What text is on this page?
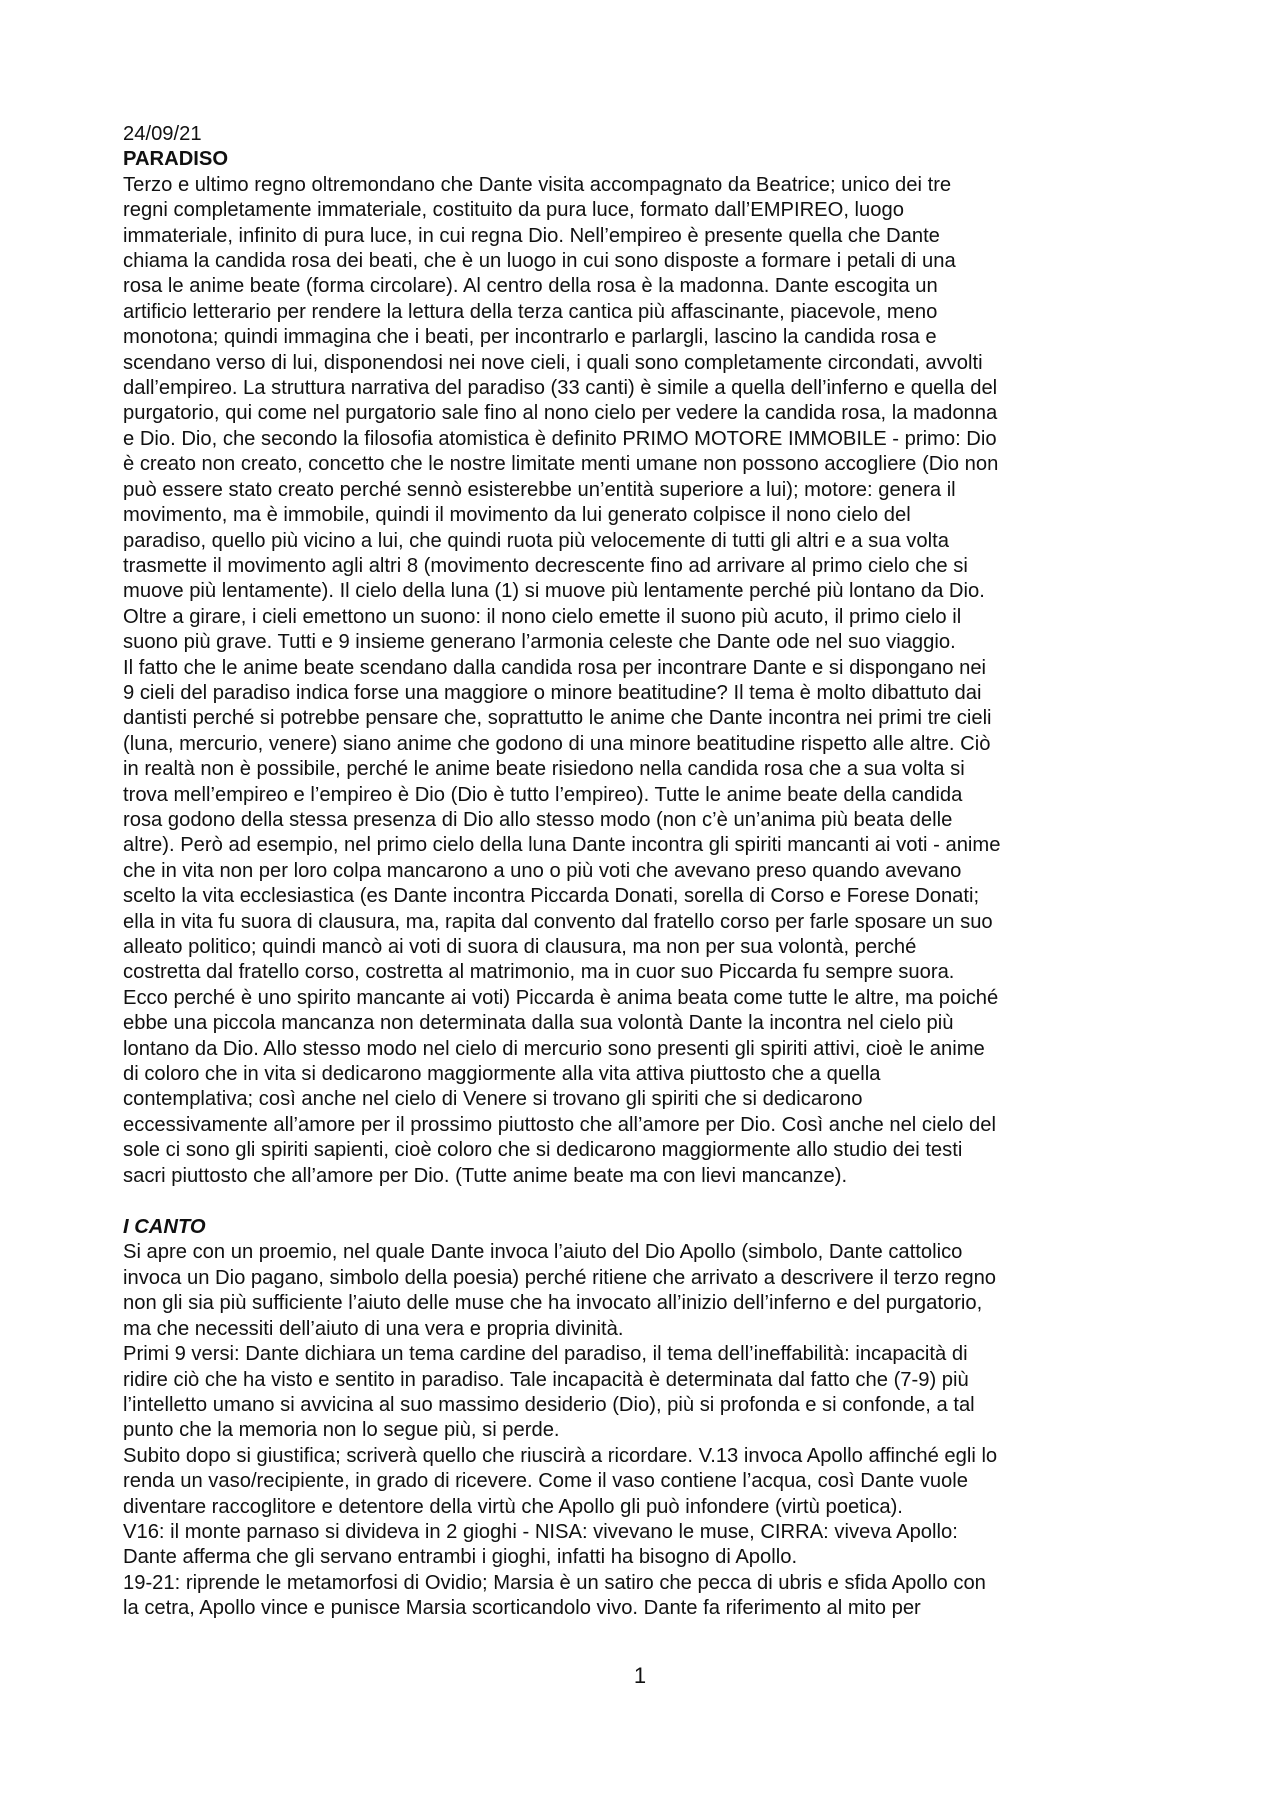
24/09/21

PARADISO

Terzo e ultimo regno oltremondano che Dante visita accompagnato da Beatrice; unico dei tre

regni completamente immateriale, costituito da pura luce, formato dall’EMPIREO, luogo

immateriale, infinito di pura luce, in cui regna Dio. Nell’empireo è presente quella che Dante

chiama la candida rosa dei beati, che è un luogo in cui sono disposte a formare i petali di una

rosa le anime beate (forma circolare). Al centro della rosa è la madonna. Dante escogita un

artificio letterario per rendere la lettura della terza cantica più affascinante, piacevole, meno

monotona; quindi immagina che i beati, per incontrarlo e parlargli, lascino la candida rosa e

scendano verso di lui, disponendosi nei nove cieli, i quali sono completamente circondati, avvolti

dall’empireo. La struttura narrativa del paradiso (33 canti) è simile a quella dell’inferno e quella del

purgatorio, qui come nel purgatorio sale fino al nono cielo per vedere la candida rosa, la madonna

e Dio. Dio, che secondo la filosofia atomistica è definito PRIMO MOTORE IMMOBILE - primo: Dio

è creato non creato, concetto che le nostre limitate menti umane non possono accogliere (Dio non

può essere stato creato perché sennò esisterebbe un’entità superiore a lui); motore: genera il

movimento, ma è immobile, quindi il movimento da lui generato colpisce il nono cielo del

paradiso, quello più vicino a lui, che quindi ruota più velocemente di tutti gli altri e a sua volta

trasmette il movimento agli altri 8 (movimento decrescente fino ad arrivare al primo cielo che si

muove più lentamente). Il cielo della luna (1) si muove più lentamente perché più lontano da Dio.

Oltre a girare, i cieli emettono un suono: il nono cielo emette il suono più acuto, il primo cielo il

suono più grave. Tutti e 9 insieme generano l’armonia celeste che Dante ode nel suo viaggio.

Il fatto che le anime beate scendano dalla candida rosa per incontrare Dante e si dispongano nei

9 cieli del paradiso indica forse una maggiore o minore beatitudine? Il tema è molto dibattuto dai

dantisti perché si potrebbe pensare che, soprattutto le anime che Dante incontra nei primi tre cieli

(luna, mercurio, venere) siano anime che godono di una minore beatitudine rispetto alle altre. Ciò

in realtà non è possibile, perché le anime beate risiedono nella candida rosa che a sua volta si

trova mell’empireo e l’empireo è Dio (Dio è tutto l’empireo). Tutte le anime beate della candida

rosa godono della stessa presenza di Dio allo stesso modo (non c’è un’anima più beata delle

altre). Però ad esempio, nel primo cielo della luna Dante incontra gli spiriti mancanti ai voti - anime

che in vita non per loro colpa mancarono a uno o più voti che avevano preso quando avevano

scelto la vita ecclesiastica (es Dante incontra Piccarda Donati, sorella di Corso e Forese Donati;

ella in vita fu suora di clausura, ma, rapita dal convento dal fratello corso per farle sposare un suo

alleato politico; quindi mancò ai voti di suora di clausura, ma non per sua volontà, perché

costretta dal fratello corso, costretta al matrimonio, ma in cuor suo Piccarda fu sempre suora.

Ecco perché è uno spirito mancante ai voti) Piccarda è anima beata come tutte le altre, ma poiché

ebbe una piccola mancanza non determinata dalla sua volontà Dante la incontra nel cielo più

lontano da Dio. Allo stesso modo nel cielo di mercurio sono presenti gli spiriti attivi, cioè le anime

di coloro che in vita si dedicarono maggiormente alla vita attiva piuttosto che a quella

contemplativa; così anche nel cielo di Venere si trovano gli spiriti che si dedicarono

eccessivamente all’amore per il prossimo piuttosto che all’amore per Dio. Così anche nel cielo del

sole ci sono gli spiriti sapienti, cioè coloro che si dedicarono maggiormente allo studio dei testi

sacri piuttosto che all’amore per Dio. (Tutte anime beate ma con lievi mancanze).

I CANTO

Si apre con un proemio, nel quale Dante invoca l’aiuto del Dio Apollo (simbolo, Dante cattolico

invoca un Dio pagano, simbolo della poesia) perché ritiene che arrivato a descrivere il terzo regno

non gli sia più sufficiente l’aiuto delle muse che ha invocato all’inizio dell’inferno e del purgatorio,

ma che necessiti dell’aiuto di una vera e propria divinità.

Primi 9 versi: Dante dichiara un tema cardine del paradiso, il tema dell’ineffabilità: incapacità di

ridire ciò che ha visto e sentito in paradiso. Tale incapacità è determinata dal fatto che (7-9) più

l’intelletto umano si avvicina al suo massimo desiderio (Dio), più si profonda e si confonde, a tal

punto che la memoria non lo segue più, si perde.

Subito dopo si giustifica; scriverà quello che riuscirà a ricordare. V.13 invoca Apollo affinché egli lo

renda un vaso/recipiente, in grado di ricevere. Come il vaso contiene l’acqua, così Dante vuole

diventare raccoglitore e detentore della virtù che Apollo gli può infondere (virtù poetica).

V16: il monte parnaso si divideva in 2 gioghi - NISA: vivevano le muse, CIRRA: viveva Apollo:

Dante afferma che gli servano entrambi i gioghi, infatti ha bisogno di Apollo.

19-21: riprende le metamorfosi di Ovidio; Marsia è un satiro che pecca di ubris e sfida Apollo con

la cetra, Apollo vince e punisce Marsia scorticandolo vivo. Dante fa riferimento al mito per

1
